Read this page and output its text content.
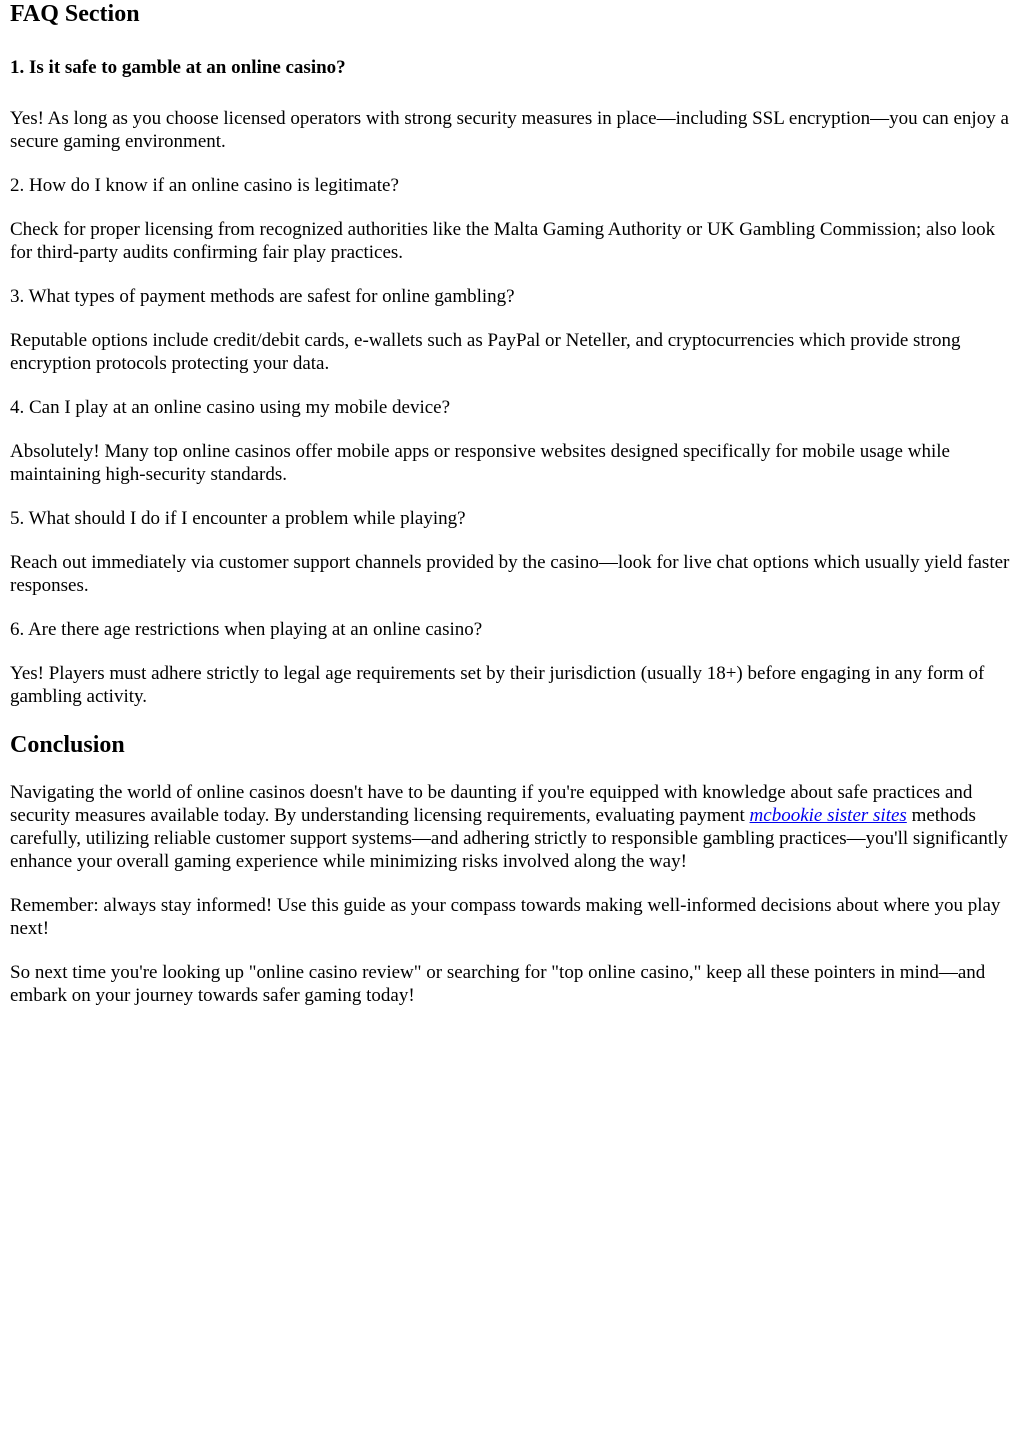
FAQ Section
1. Is it safe to gamble at an online casino?

Yes! As long as you choose licensed operators with strong security measures in place—including SSL encryption—you can enjoy a secure gaming environment.

2. How do I know if an online casino is legitimate?

Check for proper licensing from recognized authorities like the Malta Gaming Authority or UK Gambling Commission; also look for third-party audits confirming fair play practices.

3. What types of payment methods are safest for online gambling?

Reputable options include credit/debit cards, e-wallets such as PayPal or Neteller, and cryptocurrencies which provide strong encryption protocols protecting your data.

4. Can I play at an online casino using my mobile device?

Absolutely! Many top online casinos offer mobile apps or responsive websites designed specifically for mobile usage while maintaining high-security standards.

5. What should I do if I encounter a problem while playing?

Reach out immediately via customer support channels provided by the casino—look for live chat options which usually yield faster responses.

6. Are there age restrictions when playing at an online casino?

Yes! Players must adhere strictly to legal age requirements set by their jurisdiction (usually 18+) before engaging in any form of gambling activity.

Conclusion

Navigating the world of online casinos doesn't have to be daunting if you're equipped with knowledge about safe practices and security measures available today. By understanding licensing requirements, evaluating payment mcbookie sister sites methods carefully, utilizing reliable customer support systems—and adhering strictly to responsible gambling practices—you'll significantly enhance your overall gaming experience while minimizing risks involved along the way!

Remember: always stay informed! Use this guide as your compass towards making well-informed decisions about where you play next!

So next time you're looking up "online casino review" or searching for "top online casino," keep all these pointers in mind—and embark on your journey towards safer gaming today!
